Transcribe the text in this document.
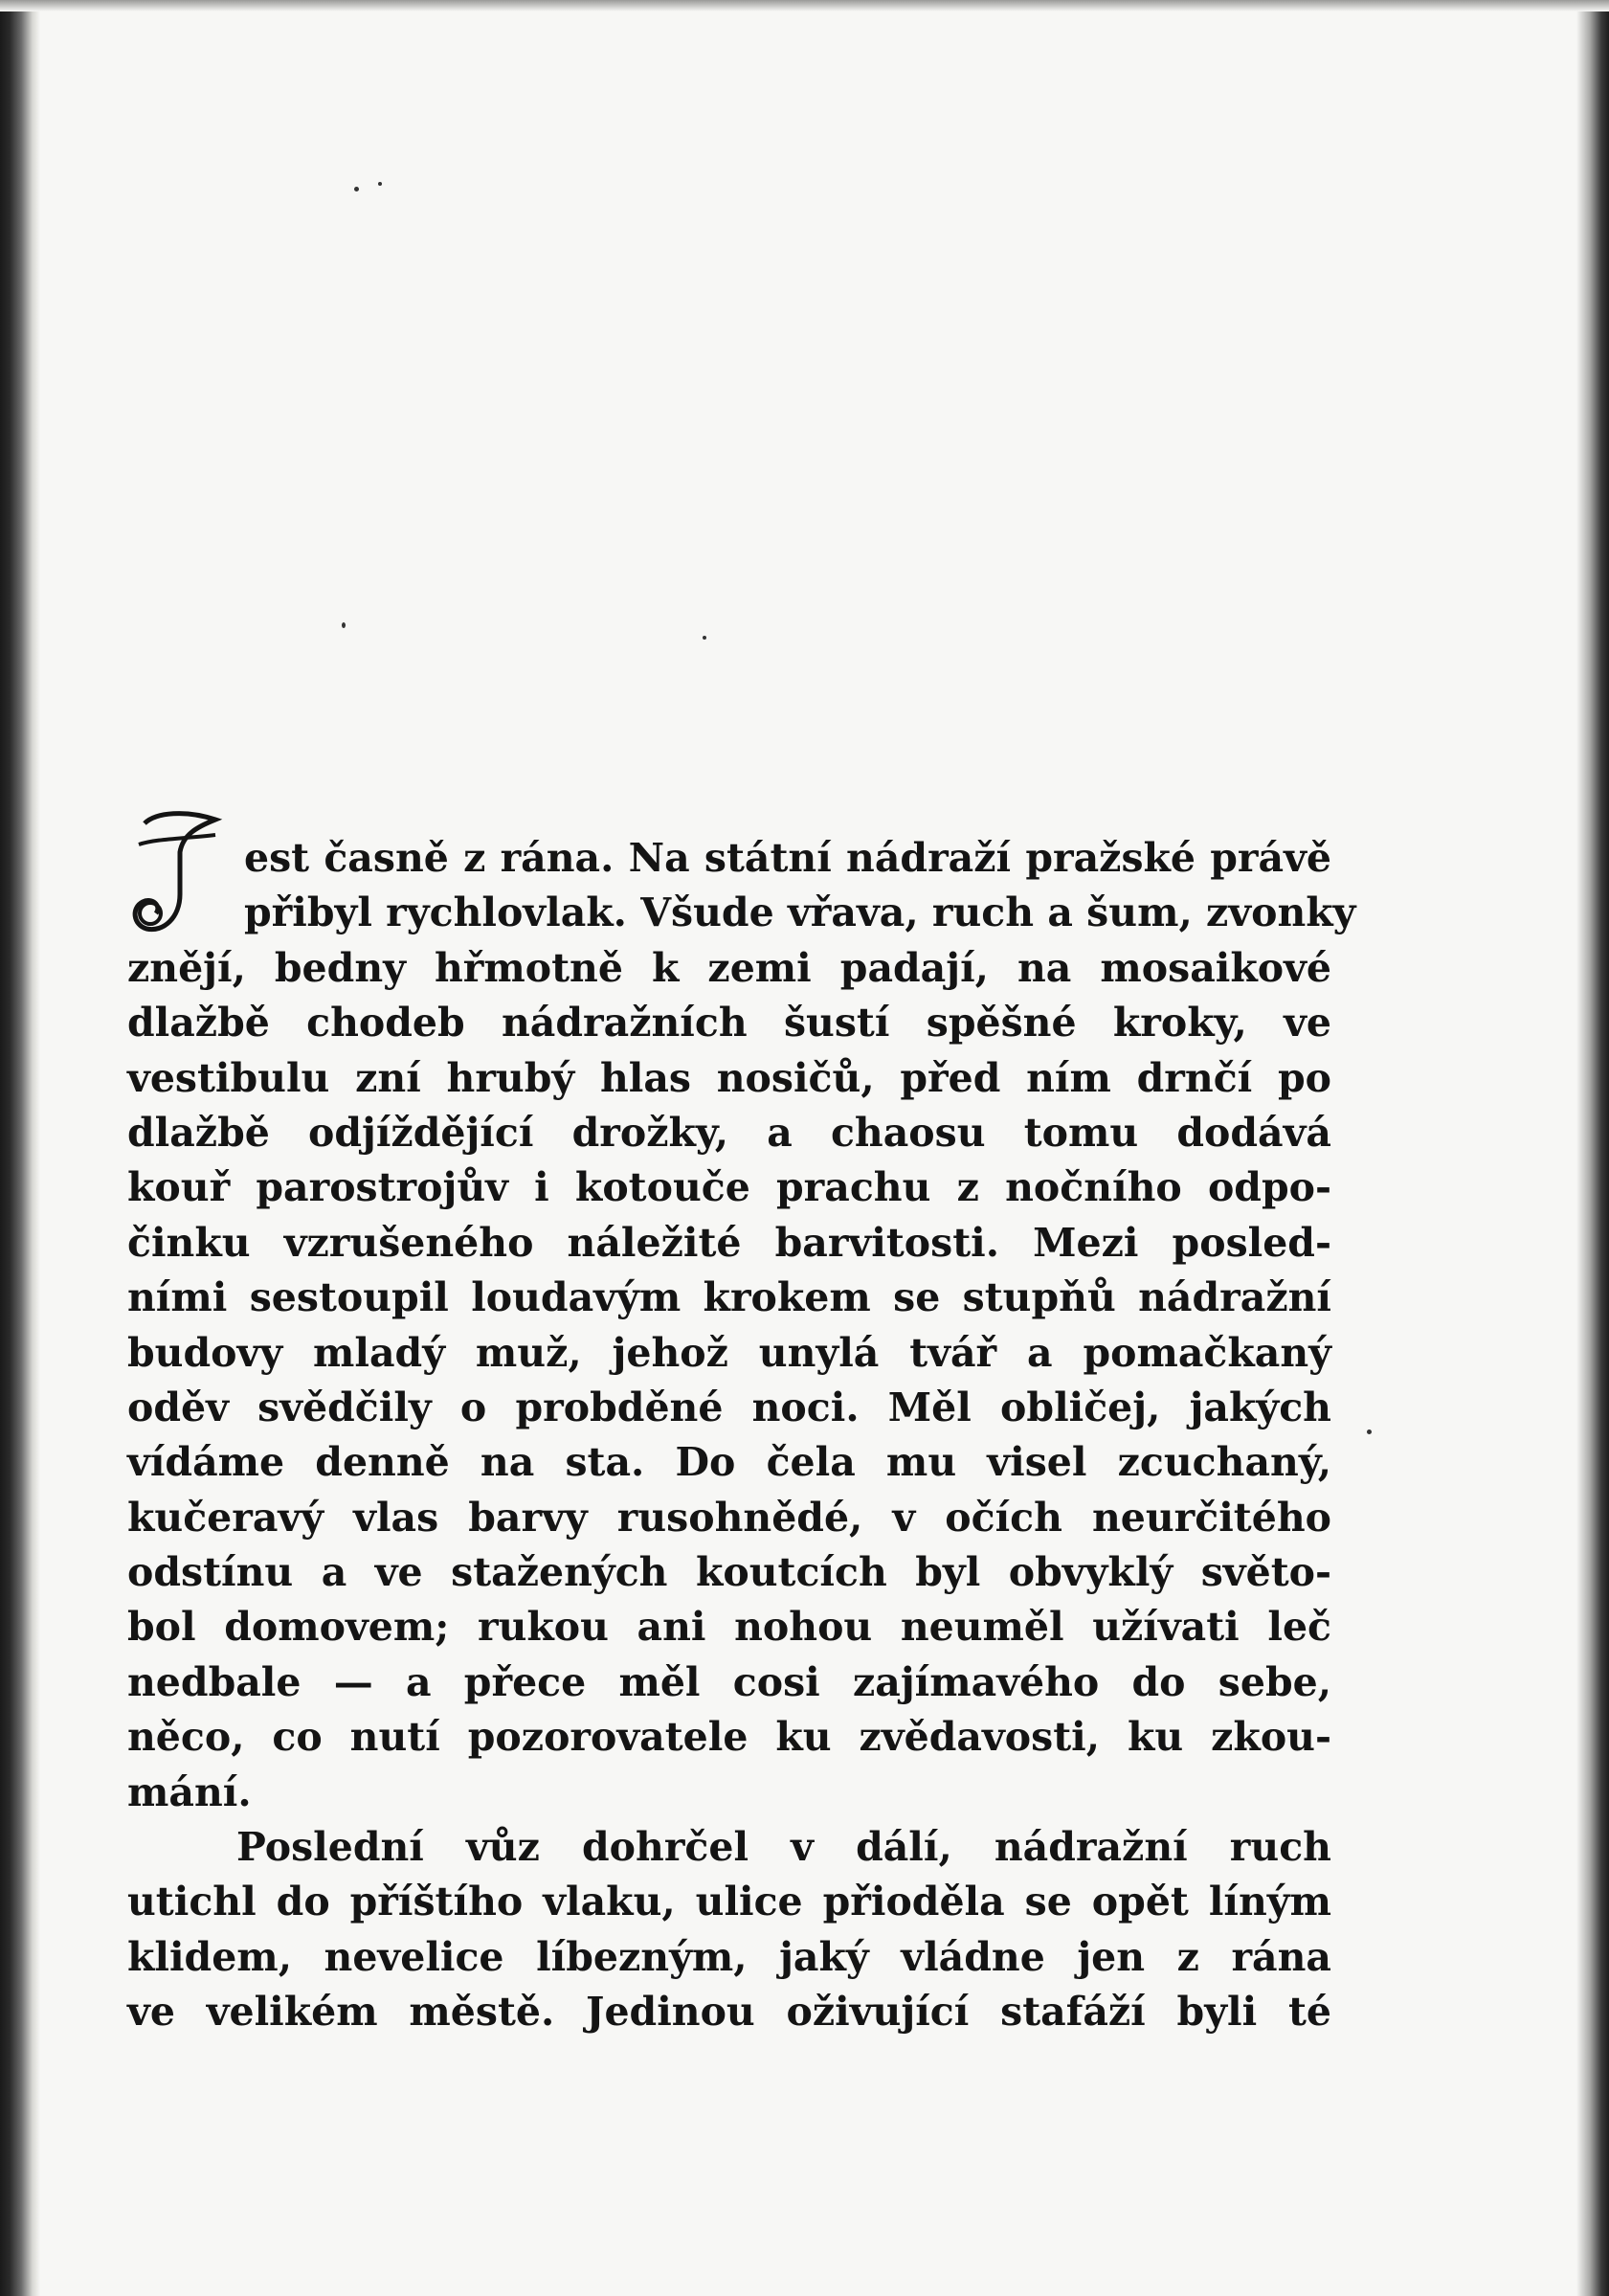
J	est časně z rána. Na státní nádraží pražské právě
přibyl rychlovlak. Všude vřava, ruch a šum, zvonky
znějí, bedny hřmotně k zemi padají, na mosaikové
dlažbě chodeb nádražních šustí spěšné kroky, ve
vestibulu zní hrubý hlas nosičů, před ním drnčí po
dlažbě odjíždějící drožky, a chaosu tomu dodává
kouř parostrojův i kotouče prachu z nočního odpo-
činku vzrušeného náležité barvitosti. Mezi posled-
ními sestoupil loudavým krokem se stupňů nádražní
budovy mladý muž, jehož unylá tvář a pomačkaný
oděv svědčily o probděné noci. Měl obličej, jakých
vídáme denně na sta. Do čela mu visel zcuchaný,
kučeravý vlas barvy rusohnědé, v očích neurčitého
odstínu a ve stažených koutcích byl obvyklý světo-
bol domovem; rukou ani nohou neuměl užívati leč
nedbale — a přece měl cosi zajímavého do sebe,
něco, co nutí pozorovatele ku zvědavosti, ku zkou-
mání.
Poslední vůz dohrčel v dálí, nádražní ruch
utichl do příštího vlaku, ulice přioděla se opět líným
klidem, nevelice líbezným, jaký vládne jen z rána
ve velikém městě. Jedinou oživující stafáží byli té
